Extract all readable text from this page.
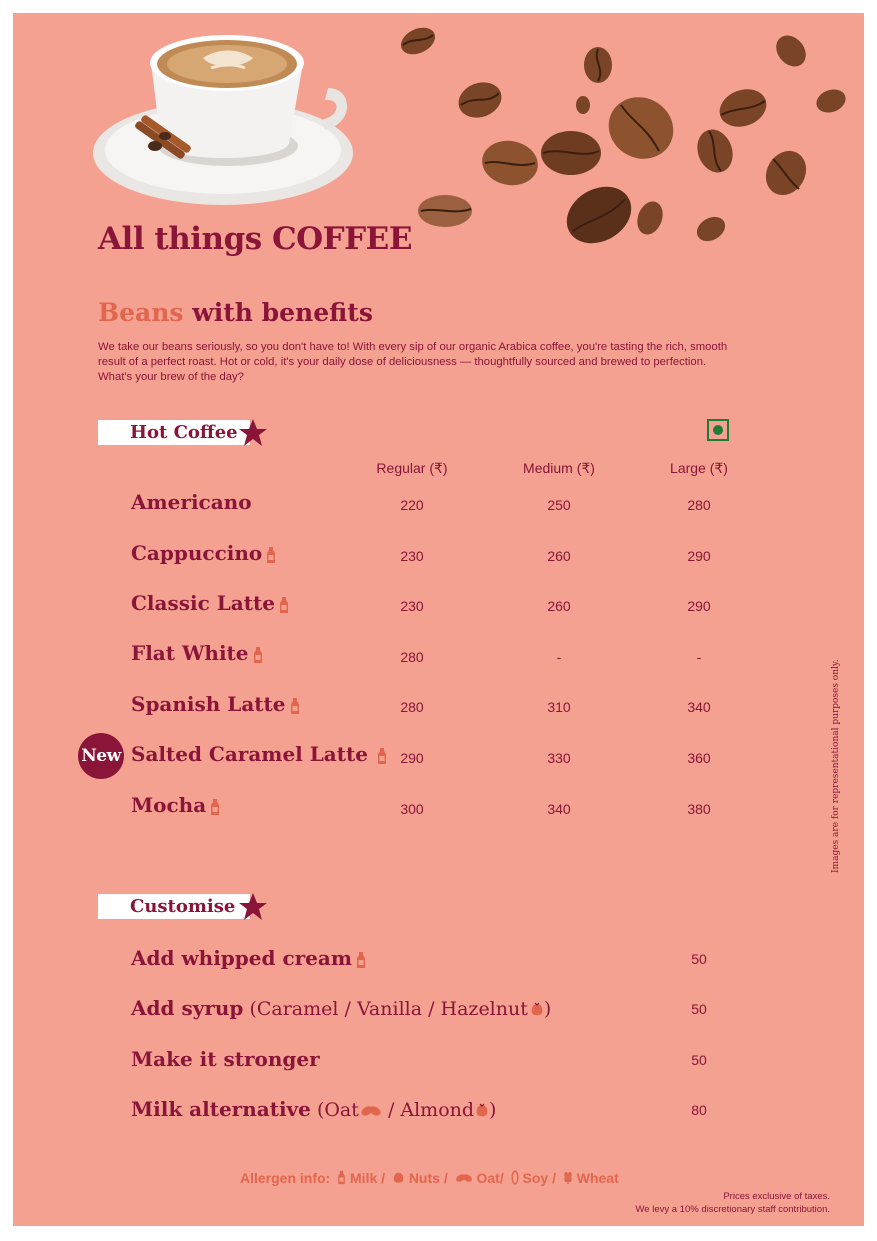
All things COFFEE
Beans with benefits
We take our beans seriously, so you don't have to! With every sip of our organic Arabica coffee, you're tasting the rich, smooth result of a perfect roast. Hot or cold, it's your daily dose of deliciousness — thoughtfully sourced and brewed to perfection. What's your brew of the day?
Hot Coffee
Regular (₹)	Medium (₹)	Large (₹)
Americano	220	250	280
Cappuccino	230	260	290
Classic Latte	230	260	290
Flat White	280	-	-
Spanish Latte	280	310	340
New Salted Caramel Latte	290	330	360
Mocha	300	340	380
Customise
Add whipped cream	50
Add syrup (Caramel / Vanilla / Hazelnut )	50
Make it stronger	50
Milk alternative (Oat / Almond )	80
Images are for representational purposes only.
Allergen info: Milk / Nuts / Oat/ Soy / Wheat
Prices exclusive of taxes.
We levy a 10% discretionary staff contribution.
